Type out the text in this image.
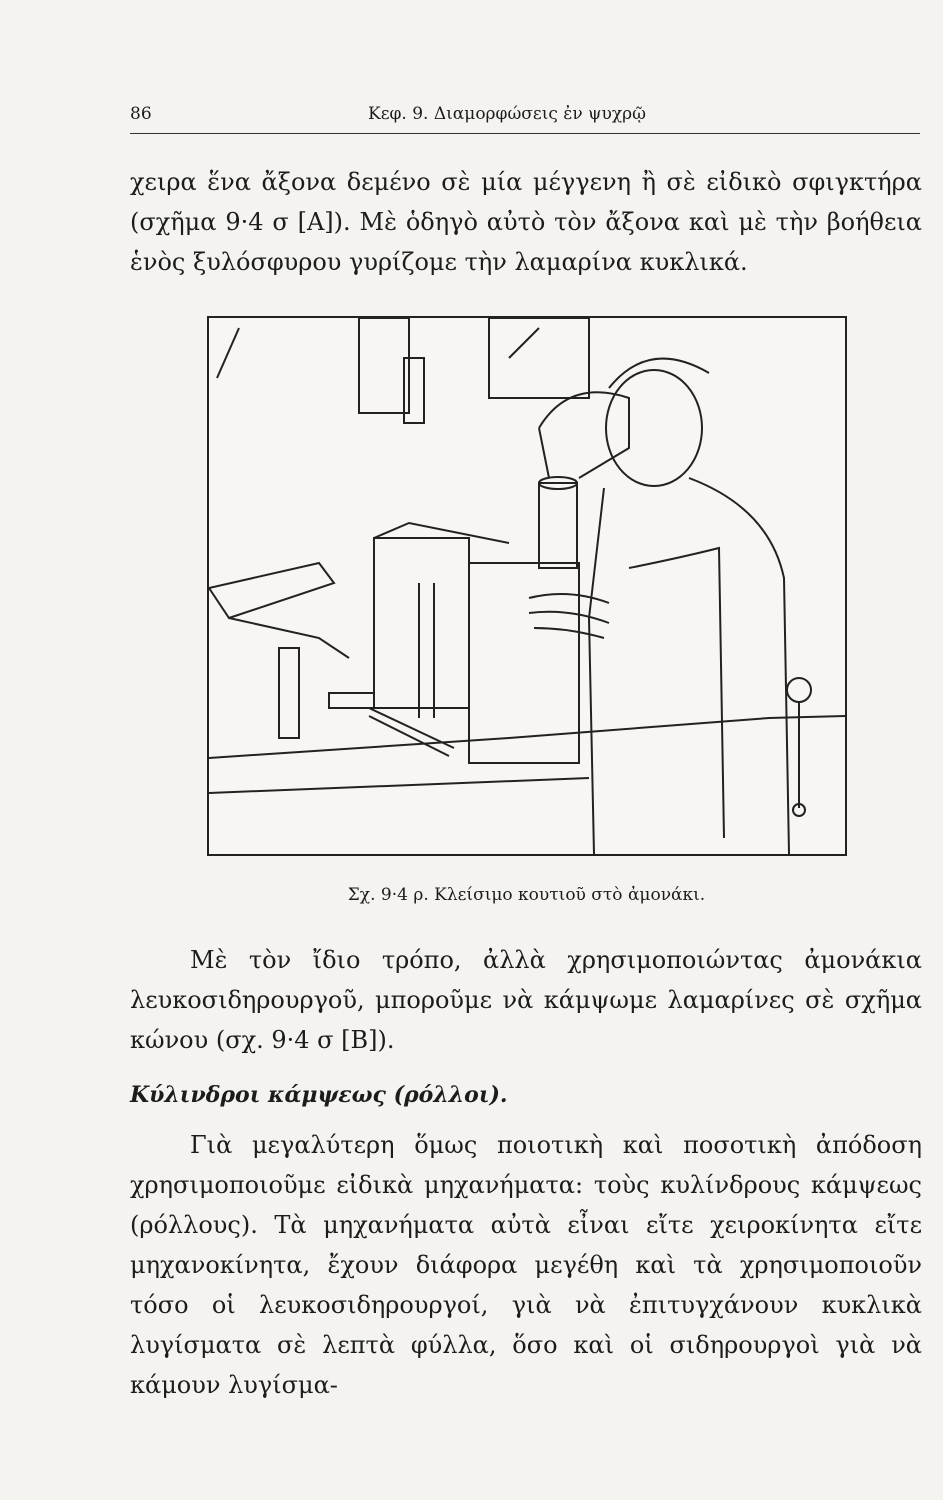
86	Κεφ. 9. Διαμορφώσεις ἐν ψυχρῷ
χειρα ἕνα ἄξονα δεμένο σὲ μία μέγγενη ἢ σὲ εἰδικὸ σφιγκτήρα (σχῆμα 9·4 σ [A]). Μὲ ὁδηγὸ αὐτὸ τὸν ἄξονα καὶ μὲ τὴν βοήθεια ἑνὸς ξυλόσφυρου γυρίζομε τὴν λαμαρίνα κυκλικά.
Σχ. 9·4 ρ. Κλείσιμο κουτιοῦ στὸ ἀμονάκι.
Μὲ τὸν ἴδιο τρόπο, ἀλλὰ χρησιμοποιώντας ἀμονάκια λευκοσιδηρουργοῦ, μποροῦμε νὰ κάμψωμε λαμαρίνες σὲ σχῆμα κώνου (σχ. 9·4 σ [B]).
Κύλινδροι κάμψεως (ρόλλοι).
Γιὰ μεγαλύτερη ὅμως ποιοτικὴ καὶ ποσοτικὴ ἀπόδοση χρησιμοποιοῦμε εἰδικὰ μηχανήματα: τοὺς κυλίνδρους κάμψεως (ρόλλους). Τὰ μηχανήματα αὐτὰ εἶναι εἴτε χειροκίνητα εἴτε μηχανοκίνητα, ἔχουν διάφορα μεγέθη καὶ τὰ χρησιμοποιοῦν τόσο οἱ λευκοσιδηρουργοί, γιὰ νὰ ἐπιτυγχάνουν κυκλικὰ λυγίσματα σὲ λεπτὰ φύλλα, ὅσο καὶ οἱ σιδηρουργοὶ γιὰ νὰ κάμουν λυγίσμα-
